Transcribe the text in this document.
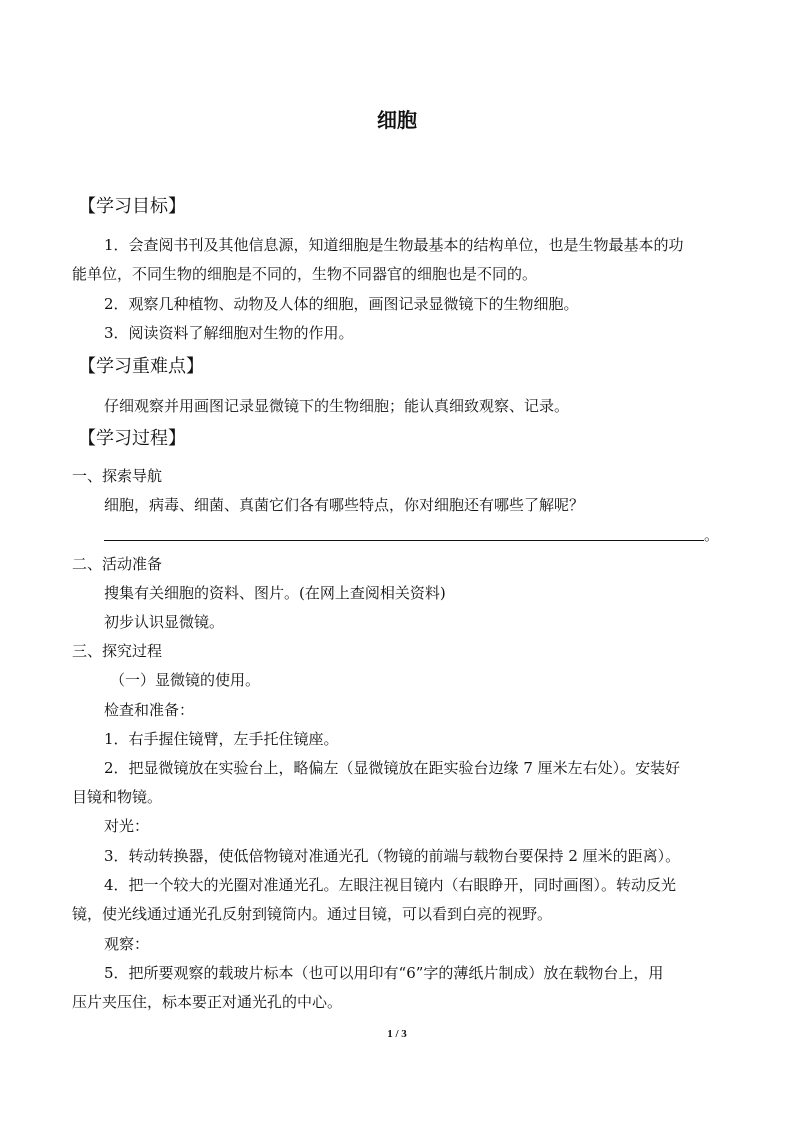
细胞
【学习目标】
1．会查阅书刊及其他信息源，知道细胞是生物最基本的结构单位，也是生物最基本的功
能单位，不同生物的细胞是不同的，生物不同器官的细胞也是不同的。
2．观察几种植物、动物及人体的细胞，画图记录显微镜下的生物细胞。
3．阅读资料了解细胞对生物的作用。
【学习重难点】
仔细观察并用画图记录显微镜下的生物细胞；能认真细致观察、记录。
【学习过程】
一、探索导航
细胞，病毒、细菌、真菌它们各有哪些特点，你对细胞还有哪些了解呢？
。
二、活动准备
搜集有关细胞的资料、图片。(在网上查阅相关资料)
初步认识显微镜。
三、探究过程
（一）显微镜的使用。
检查和准备：
1．右手握住镜臂，左手托住镜座。
2．把显微镜放在实验台上，略偏左（显微镜放在距实验台边缘 7 厘米左右处）。安装好
目镜和物镜。
对光：
3．转动转换器，使低倍物镜对准通光孔（物镜的前端与载物台要保持 2 厘米的距离）。
4．把一个较大的光圈对准通光孔。左眼注视目镜内（右眼睁开，同时画图）。转动反光
镜，使光线通过通光孔反射到镜筒内。通过目镜，可以看到白亮的视野。
观察：
5．把所要观察的载玻片标本（也可以用印有“6”字的薄纸片制成）放在载物台上，用
压片夹压住，标本要正对通光孔的中心。
1 / 3
